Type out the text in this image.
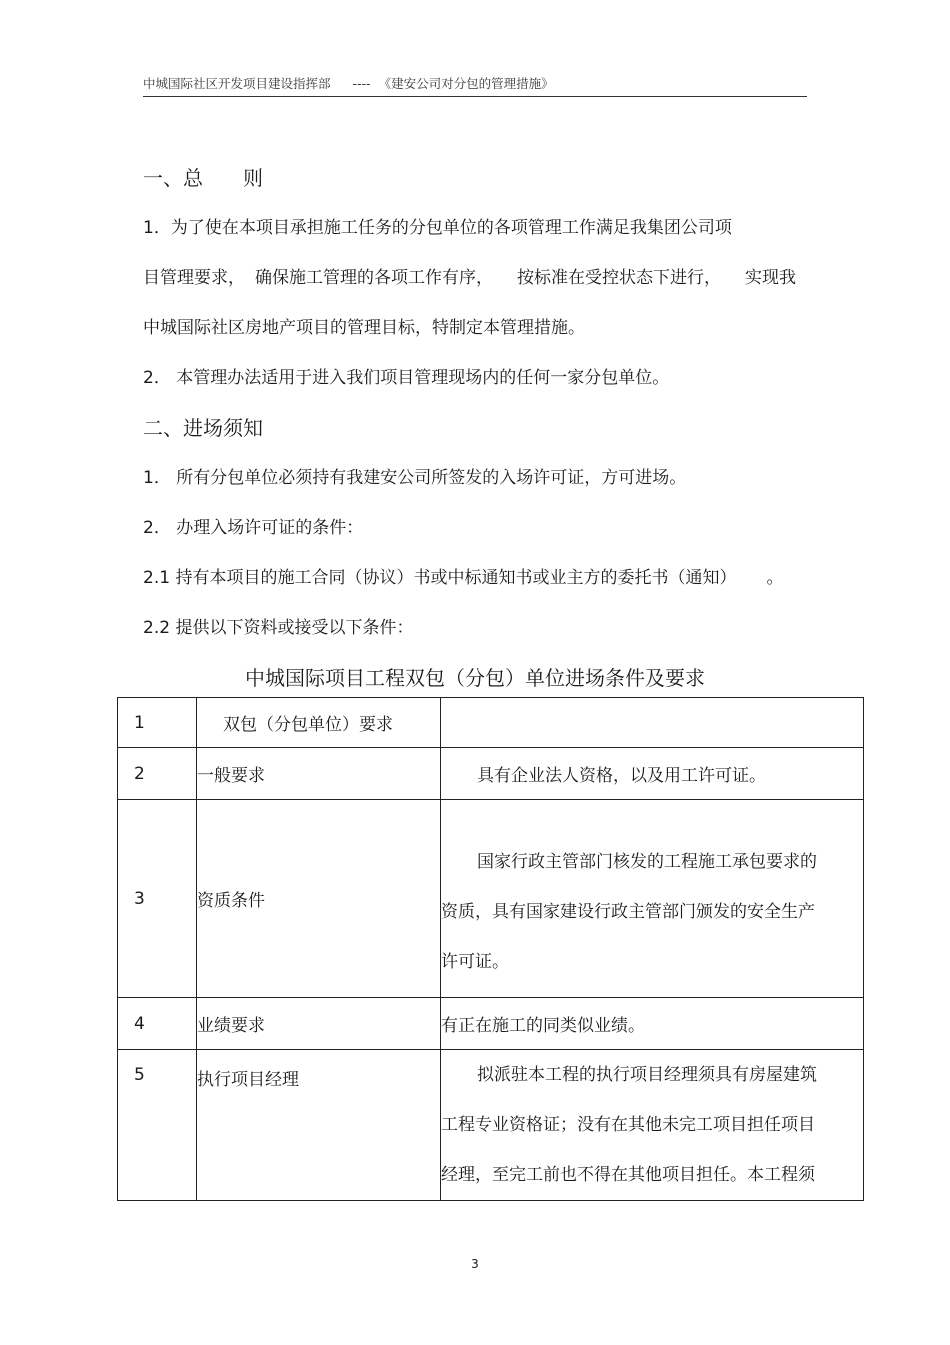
中城国际社区开发项目建设指挥部 ---- 《建安公司对分包的管理措施》
一、总 则
1．为了使在本项目承担施工任务的分包单位的各项管理工作满足我集团公司项
目管理要求， 确保施工管理的各项工作有序， 按标准在受控状态下进行， 实现我
中城国际社区房地产项目的管理目标，特制定本管理措施。
2． 本管理办法适用于进入我们项目管理现场内的任何一家分包单位。
二、进场须知
1． 所有分包单位必须持有我建安公司所签发的入场许可证，方可进场。
2． 办理入场许可证的条件：
2.1 持有本项目的施工合同（协议）书或中标通知书或业主方的委托书（通知） 。
2.2 提供以下资料或接受以下条件：
中城国际项目工程双包（分包）单位进场条件及要求
1	双包（分包单位）要求	
2	一般要求	具有企业法人资格，以及用工许可证。
3	资质条件	国家行政主管部门核发的工程施工承包要求的
资质，具有国家建设行政主管部门颁发的安全生产
许可证。

4	业绩要求	有正在施工的同类似业绩。
5	执行项目经理	拟派驻本工程的执行项目经理须具有房屋建筑
工程专业资格证；没有在其他未完工项目担任项目
经理，至完工前也不得在其他项目担任。本工程须
3
